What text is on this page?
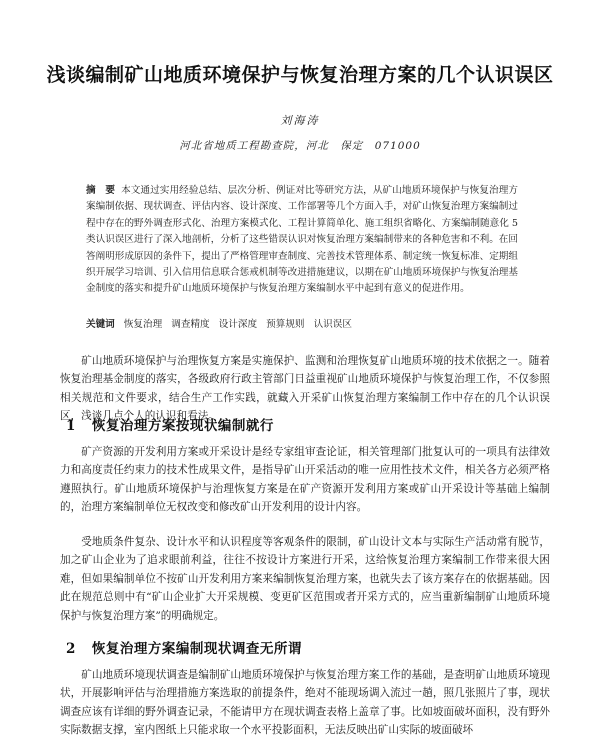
浅谈编制矿山地质环境保护与恢复治理方案的几个认识误区
刘海涛
河北省地质工程勘查院，河北　保定　071000
摘　要 本文通过实用经验总结、层次分析、例证对比等研究方法，从矿山地质环境保护与恢复治理方案编制依据、现状调查、评估内容、设计深度、工作部署等几个方面入手，对矿山恢复治理方案编制过程中存在的野外调查形式化、治理方案模式化、工程计算简单化、施工组织省略化、方案编制随意化 5 类认识误区进行了深入地剖析，分析了这些错误认识对恢复治理方案编制带来的各种危害和不利。在回答阐明形成原因的条件下，提出了严格管理审查制度、完善技术管理体系、制定统一恢复标准、定期组织开展学习培训、引入信用信息联合惩戒机制等改进措施建议，以期在矿山地质环境保护与恢复治理基金制度的落实和提升矿山地质环境保护与恢复治理方案编制水平中起到有意义的促进作用。
关键词 恢复治理 调查精度 设计深度 预算规则 认识误区

矿山地质环境保护与治理恢复方案是实施保护、监测和治理恢复矿山地质环境的技术依据之一。随着恢复治理基金制度的落实，各级政府行政主管部门日益重视矿山地质环境保护与恢复治理工作，不仅参照相关规范和文件要求，结合生产工作实践，就藏入开采矿山恢复治理方案编制工作中存在的几个认识误区，浅谈几点个人的认识和看法。

1 恢复治理方案按现状编制就行

矿产资源的开发利用方案或开采设计是经专家组审查论证，相关管理部门批复认可的一项具有法律效力和高度责任约束力的技术性成果文件，是指导矿山开采活动的唯一应用性技术文件，相关各方必须严格遵照执行。矿山地质环境保护与治理恢复方案是在矿产资源开发利用方案或矿山开采设计等基础上编制的，治理方案编制单位无权改变和修改矿山开发利用的设计内容。

受地质条件复杂、设计水平和认识程度等客观条件的限制，矿山设计文本与实际生产活动常有脱节，加之矿山企业为了追求眼前利益，往往不按设计方案进行开采，这给恢复治理方案编制工作带来很大困难，但如果编制单位不按矿山开发利用方案来编制恢复治理方案，也就失去了该方案存在的依据基础。因此在规范总则中有“矿山企业扩大开采规模、变更矿区范围或者开采方式的，应当重新编制矿山地质环境保护与恢复治理方案”的明确规定。

2 恢复治理方案编制现状调查无所谓

矿山地质环境现状调查是编制矿山地质环境保护与恢复治理方案工作的基础，是查明矿山地质环境现状，开展影响评估与治理措施方案选取的前提条件，绝对不能现场调入流过一趟，照几张照片了事，现状调查应该有详细的野外调查记录，不能请甲方在现状调查表格上盖章了事。比如坡面破坏面积，没有野外实际数据支撑，室内图纸上只能求取一个水平投影面积，无法反映出矿山实际的坡面破坏
